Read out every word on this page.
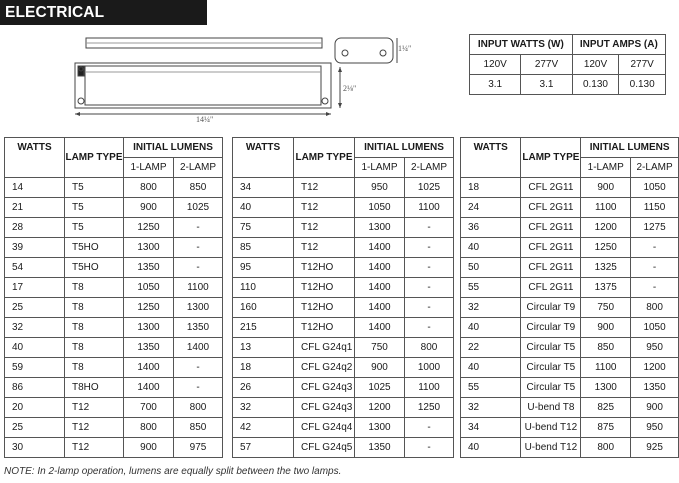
ELECTRICAL INFORMATION
1¼"
2⅛"
14¼"
INPUT WATTS (W)		INPUT AMPS (A)	
120V	277V	120V	277V
3.1	3.1	0.130	0.130
WATTS	LAMP TYPE	INITIAL LUMENS	
		1-LAMP	2-LAMP
14	T5	800	850
21	T5	900	1025
28	T5	1250	-
39	T5HO	1300	-
54	T5HO	1350	-
17	T8	1050	1100
25	T8	1250	1300
32	T8	1300	1350
40	T8	1350	1400
59	T8	1400	-
86	T8HO	1400	-
20	T12	700	800
25	T12	800	850
30	T12	900	975
WATTS	LAMP TYPE	INITIAL LUMENS	
		1-LAMP	2-LAMP
34	T12	950	1025
40	T12	1050	1100
75	T12	1300	-
85	T12	1400	-
95	T12HO	1400	-
110	T12HO	1400	-
160	T12HO	1400	-
215	T12HO	1400	-
13	CFL G24q1	750	800
18	CFL G24q2	900	1000
26	CFL G24q3	1025	1100
32	CFL G24q3	1200	1250
42	CFL G24q4	1300	-
57	CFL G24q5	1350	-
WATTS	LAMP TYPE	INITIAL LUMENS	
		1-LAMP	2-LAMP
18	CFL 2G11	900	1050
24	CFL 2G11	1100	1150
36	CFL 2G11	1200	1275
40	CFL 2G11	1250	-
50	CFL 2G11	1325	-
55	CFL 2G11	1375	-
32	Circular T9	750	800
40	Circular T9	900	1050
22	Circular T5	850	950
40	Circular T5	1100	1200
55	Circular T5	1300	1350
32	U-bend T8	825	900
34	U-bend T12	875	950
40	U-bend T12	800	925
NOTE: In 2-lamp operation, lumens are equally split between the two lamps.
